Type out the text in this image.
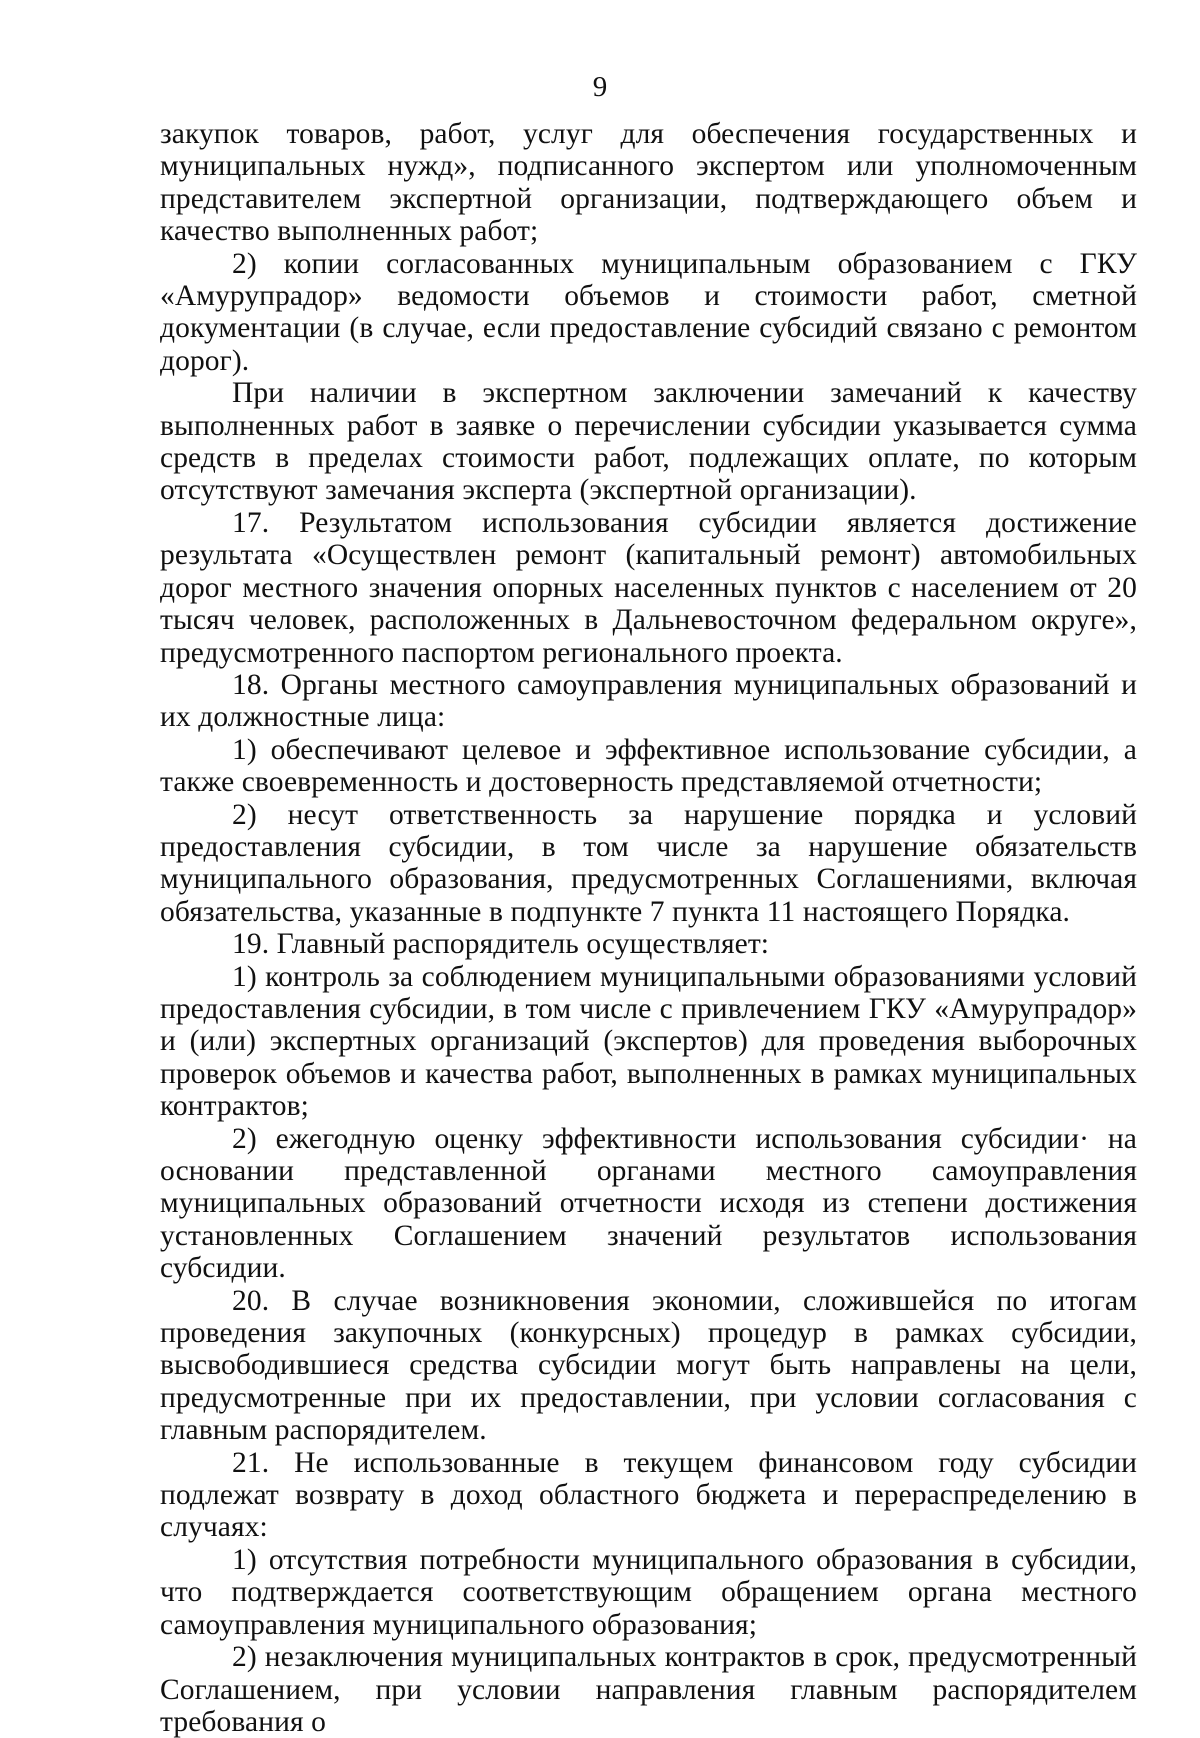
9

закупок товаров, работ, услуг для обеспечения государственных и муниципальных нужд», подписанного экспертом или уполномоченным представителем экспертной организации, подтверждающего объем и качество выполненных работ;

2) копии согласованных муниципальным образованием с ГКУ «Амурупрадор» ведомости объемов и стоимости работ, сметной документации (в случае, если предоставление субсидий связано с ремонтом дорог).

При наличии в экспертном заключении замечаний к качеству выполненных работ в заявке о перечислении субсидии указывается сумма средств в пределах стоимости работ, подлежащих оплате, по которым отсутствуют замечания эксперта (экспертной организации).

17. Результатом использования субсидии является достижение результата «Осуществлен ремонт (капитальный ремонт) автомобильных дорог местного значения опорных населенных пунктов с населением от 20 тысяч человек, расположенных в Дальневосточном федеральном округе», предусмотренного паспортом регионального проекта.

18. Органы местного самоуправления муниципальных образований и их должностные лица:

1) обеспечивают целевое и эффективное использование субсидии, а также своевременность и достоверность представляемой отчетности;

2) несут ответственность за нарушение порядка и условий предоставления субсидии, в том числе за нарушение обязательств муниципального образования, предусмотренных Соглашениями, включая обязательства, указанные в подпункте 7 пункта 11 настоящего Порядка.

19. Главный распорядитель осуществляет:

1) контроль за соблюдением муниципальными образованиями условий предоставления субсидии, в том числе с привлечением ГКУ «Амурупрадор» и (или) экспертных организаций (экспертов) для проведения выборочных проверок объемов и качества работ, выполненных в рамках муниципальных контрактов;

2) ежегодную оценку эффективности использования субсидии· на основании представленной органами местного самоуправления муниципальных образований отчетности исходя из степени достижения установленных Соглашением значений результатов использования субсидии.

20. В случае возникновения экономии, сложившейся по итогам проведения закупочных (конкурсных) процедур в рамках субсидии, высвободившиеся средства субсидии могут быть направлены на цели, предусмотренные при их предоставлении, при условии согласования с главным распорядителем.

21. Не использованные в текущем финансовом году субсидии подлежат возврату в доход областного бюджета и перераспределению в случаях:

1) отсутствия потребности муниципального образования в субсидии, что подтверждается соответствующим обращением органа местного самоуправления муниципального образования;

2) незаключения муниципальных контрактов в срок, предусмотренный Соглашением, при условии направления главным распорядителем требования о
